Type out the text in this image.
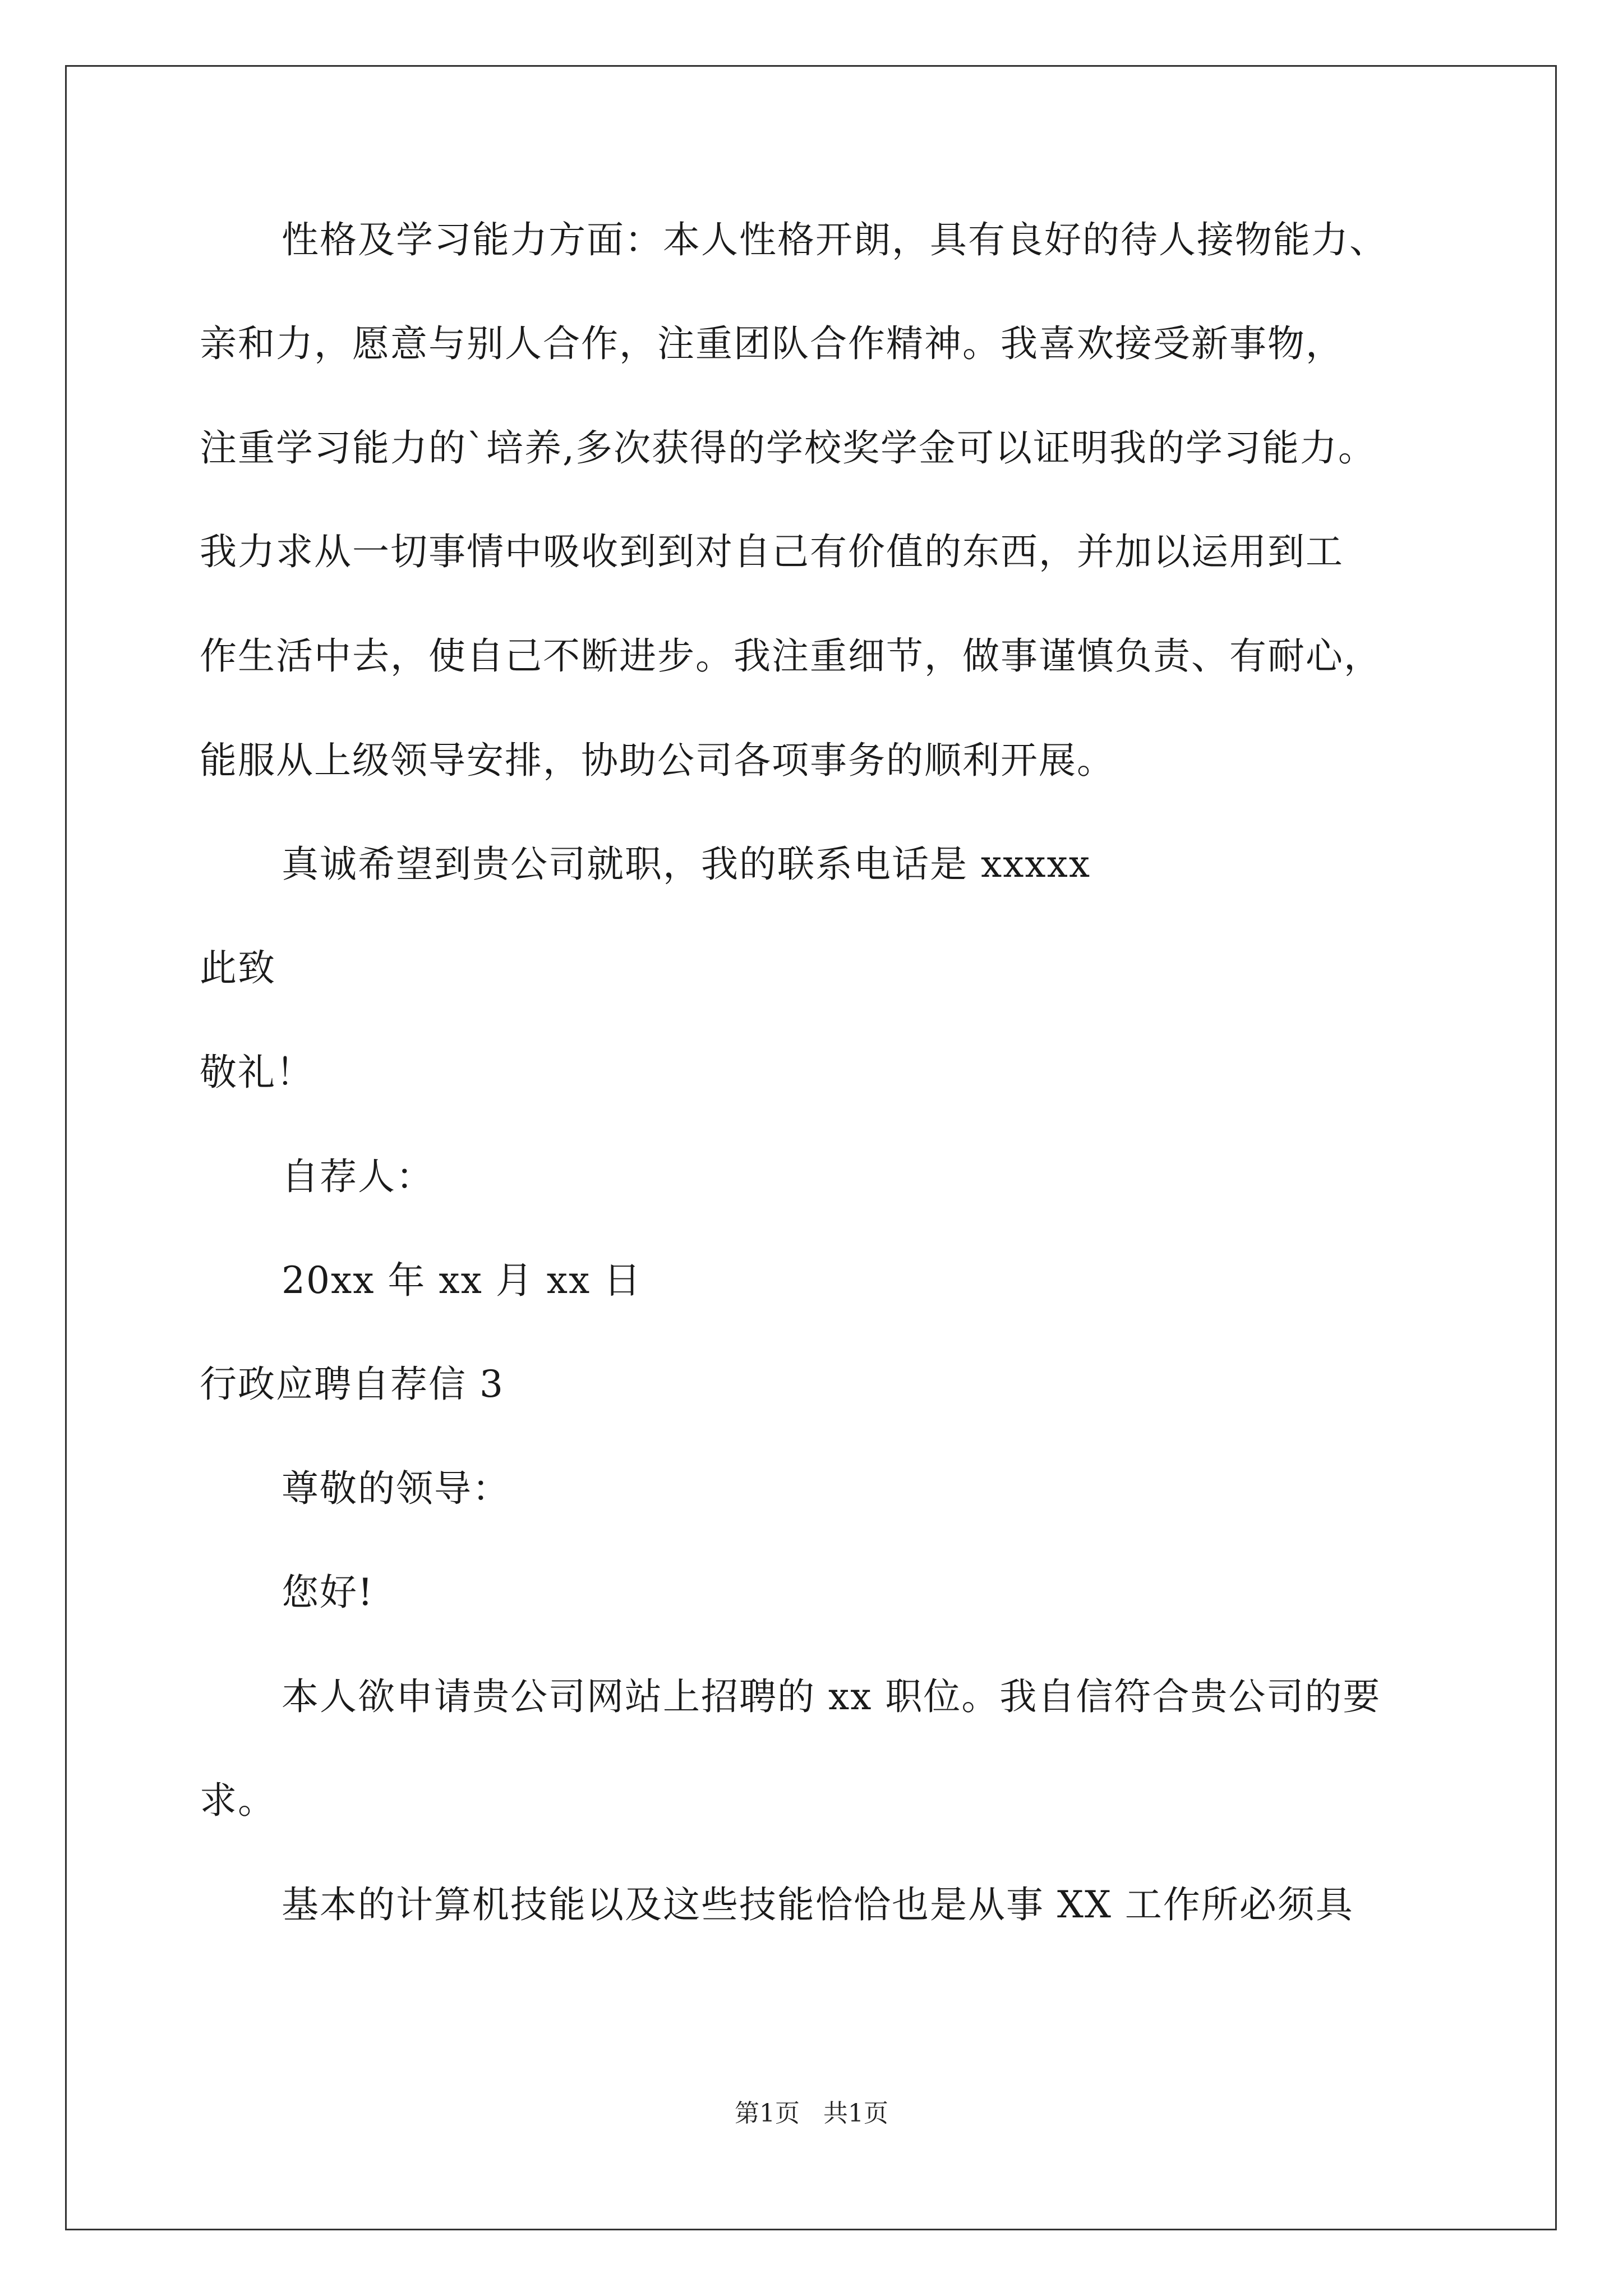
性格及学习能力方面：本人性格开朗，具有良好的待人接物能力、
亲和力，愿意与别人合作，注重团队合作精神。我喜欢接受新事物，
注重学习能力的`培养,多次获得的学校奖学金可以证明我的学习能力。
我力求从一切事情中吸收到到对自己有价值的东西，并加以运用到工
作生活中去，使自己不断进步。我注重细节，做事谨慎负责、有耐心，
能服从上级领导安排，协助公司各项事务的顺利开展。
真诚希望到贵公司就职，我的联系电话是 xxxxx
此致
敬礼！
自荐人：
20xx 年 xx 月 xx 日
行政应聘自荐信 3
尊敬的领导：
您好!
本人欲申请贵公司网站上招聘的 xx 职位。我自信符合贵公司的要
求。
基本的计算机技能以及这些技能恰恰也是从事 XX 工作所必须具
第1页 共1页
